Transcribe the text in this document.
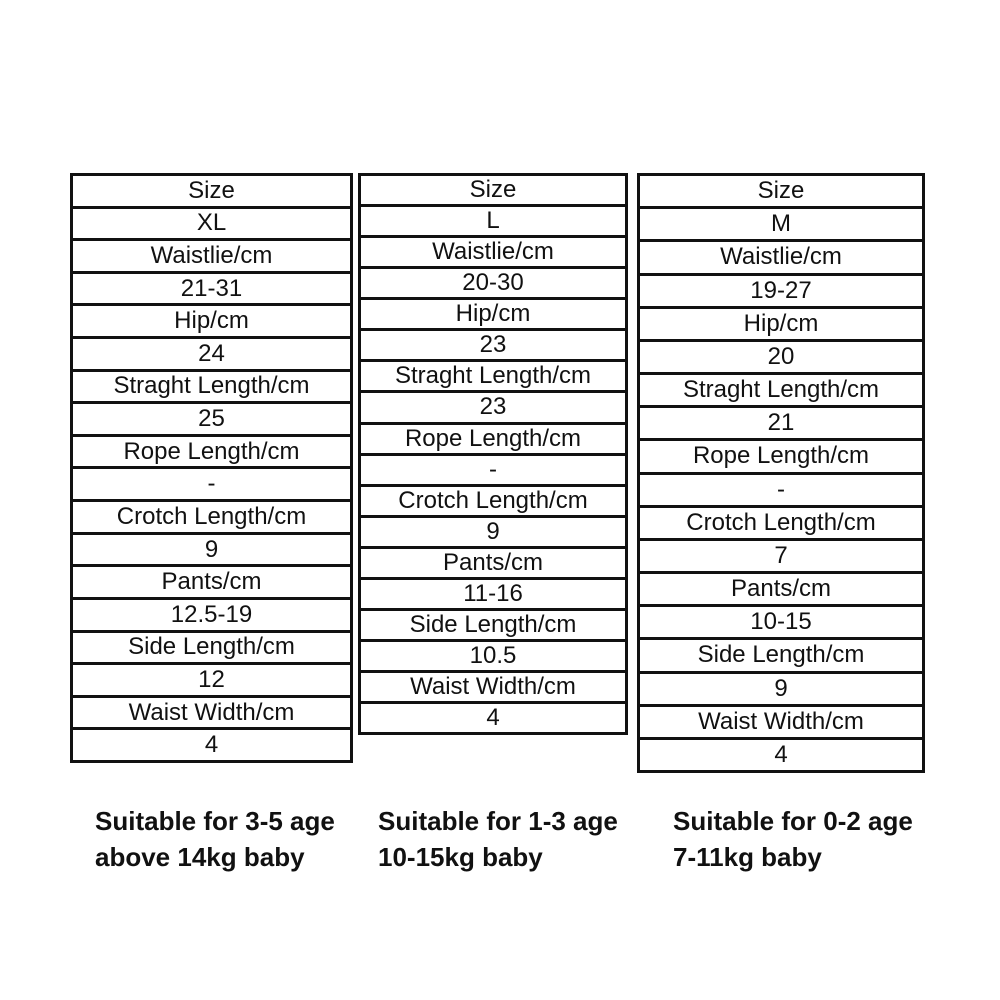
Size
XL
Waistlie/cm
21-31
Hip/cm
24
Straght Length/cm
25
Rope Length/cm
-
Crotch Length/cm
9
Pants/cm
12.5-19
Side Length/cm
12
Waist Width/cm
4
Size
L
Waistlie/cm
20-30
Hip/cm
23
Straght Length/cm
23
Rope Length/cm
-
Crotch Length/cm
9
Pants/cm
11-16
Side Length/cm
10.5
Waist Width/cm
4
Size
M
Waistlie/cm
19-27
Hip/cm
20
Straght Length/cm
21
Rope Length/cm
-
Crotch Length/cm
7
Pants/cm
10-15
Side Length/cm
9
Waist Width/cm
4
Suitable for 3-5 age
above 14kg baby
Suitable for 1-3 age
10-15kg baby
Suitable for 0-2 age
7-11kg baby
